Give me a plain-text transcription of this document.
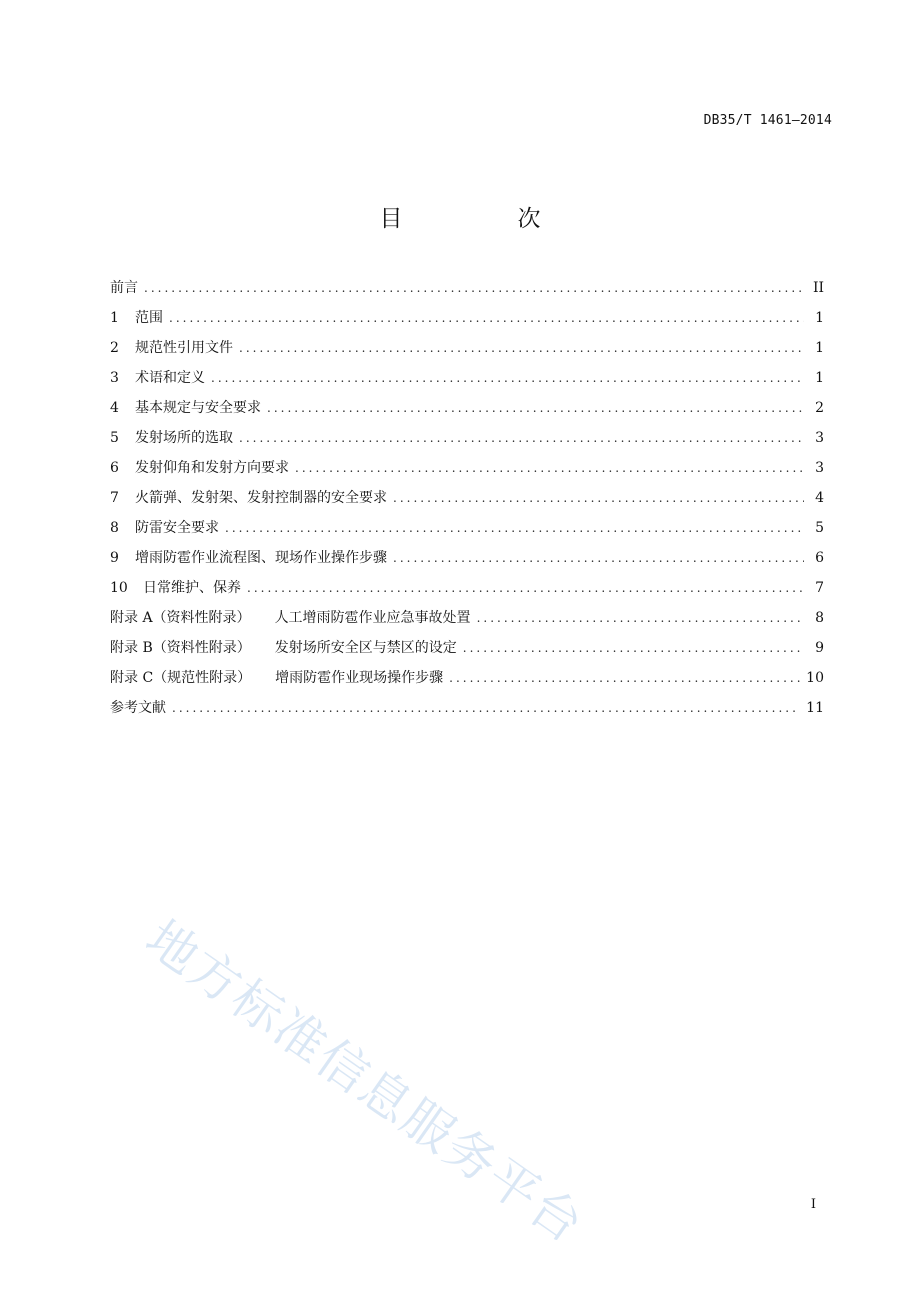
DB35/T 1461—2014
目　次
前言 .....	II
1	范围 .....	1
2	规范性引用文件 .....	1
3	术语和定义 .....	1
4	基本规定与安全要求 .....	2
5	发射场所的选取 .....	3
6	发射仰角和发射方向要求 .....	3
7	火箭弹、发射架、发射控制器的安全要求 .....	4
8	防雷安全要求 .....	5
9	增雨防雹作业流程图、现场作业操作步骤 .....	6
10	日常维护、保养 .....	7
附录 A（资料性附录） 人工增雨防雹作业应急事故处置 .....	8
附录 B（资料性附录） 发射场所安全区与禁区的设定 .....	9
附录 C（规范性附录） 增雨防雹作业现场操作步骤 .....	10
参考文献 .....	11
地方标准信息服务平台	I
